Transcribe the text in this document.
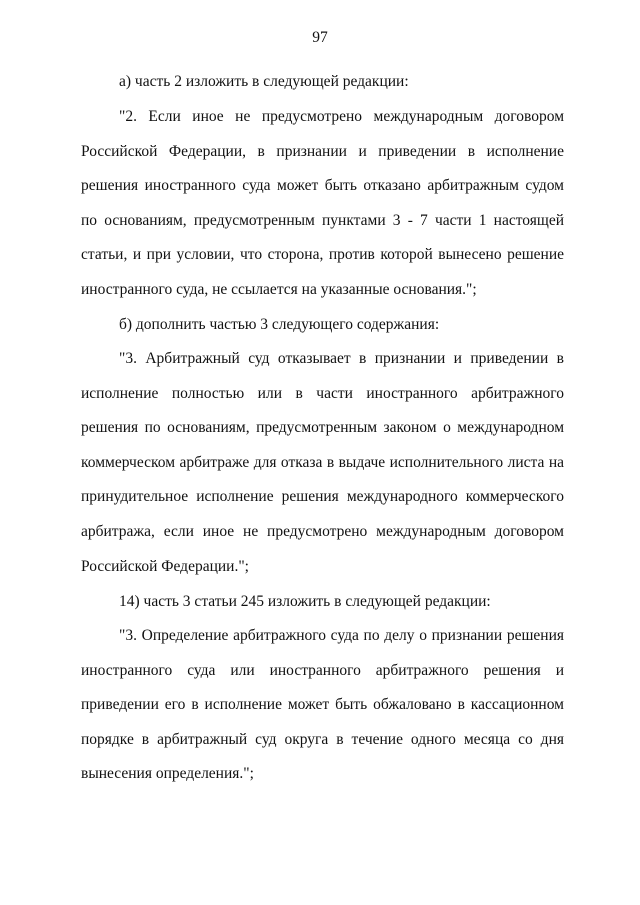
97

а) часть 2 изложить в следующей редакции:

"2. Если иное не предусмотрено международным договором Российской Федерации, в признании и приведении в исполнение решения иностранного суда может быть отказано арбитражным судом по основаниям, предусмотренным пунктами 3 - 7 части 1 настоящей статьи, и при условии, что сторона, против которой вынесено решение иностранного суда, не ссылается на указанные основания.";

б) дополнить частью 3 следующего содержания:

"3. Арбитражный суд отказывает в признании и приведении в исполнение полностью или в части иностранного арбитражного решения по основаниям, предусмотренным законом о международном коммерческом арбитраже для отказа в выдаче исполнительного листа на принудительное исполнение решения международного коммерческого арбитража, если иное не предусмотрено международным договором Российской Федерации.";

14) часть 3 статьи 245 изложить в следующей редакции:

"3. Определение арбитражного суда по делу о признании решения иностранного суда или иностранного арбитражного решения и приведении его в исполнение может быть обжаловано в кассационном порядке в арбитражный суд округа в течение одного месяца со дня вынесения определения.";
